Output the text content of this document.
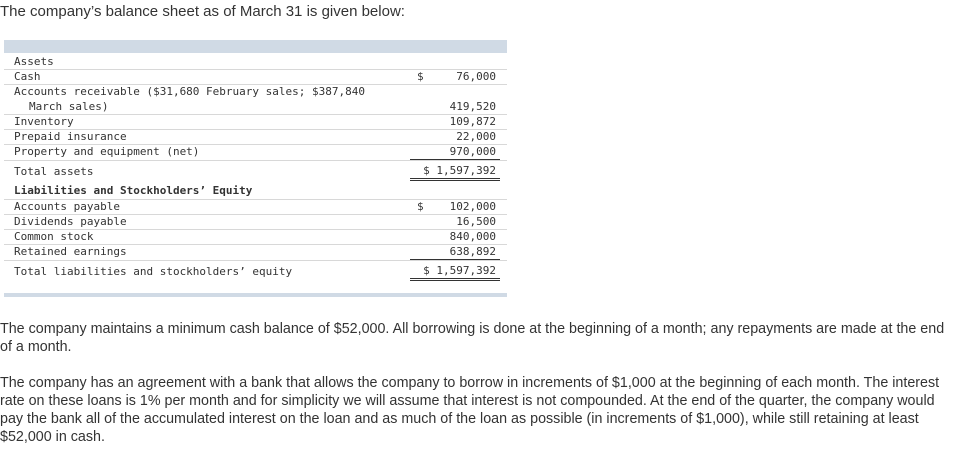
The company’s balance sheet as of March 31 is given below:
Assets
Cash	$	76,000
Accounts receivable ($31,680 February sales; $387,840
March sales)	419,520
Inventory	109,872
Prepaid insurance	22,000
Property and equipment (net)	970,000
Total assets	$ 1,597,392
Liabilities and Stockholders’ Equity
Accounts payable	$ 102,000
Dividends payable	16,500
Common stock	840,000
Retained earnings	638,892
Total liabilities and stockholders’ equity	$ 1,597,392
The company maintains a minimum cash balance of $52,000. All borrowing is done at the beginning of a month; any repayments are made at the end of a month.
The company has an agreement with a bank that allows the company to borrow in increments of $1,000 at the beginning of each month. The interest rate on these loans is 1% per month and for simplicity we will assume that interest is not compounded. At the end of the quarter, the company would pay the bank all of the accumulated interest on the loan and as much of the loan as possible (in increments of $1,000), while still retaining at least $52,000 in cash.
